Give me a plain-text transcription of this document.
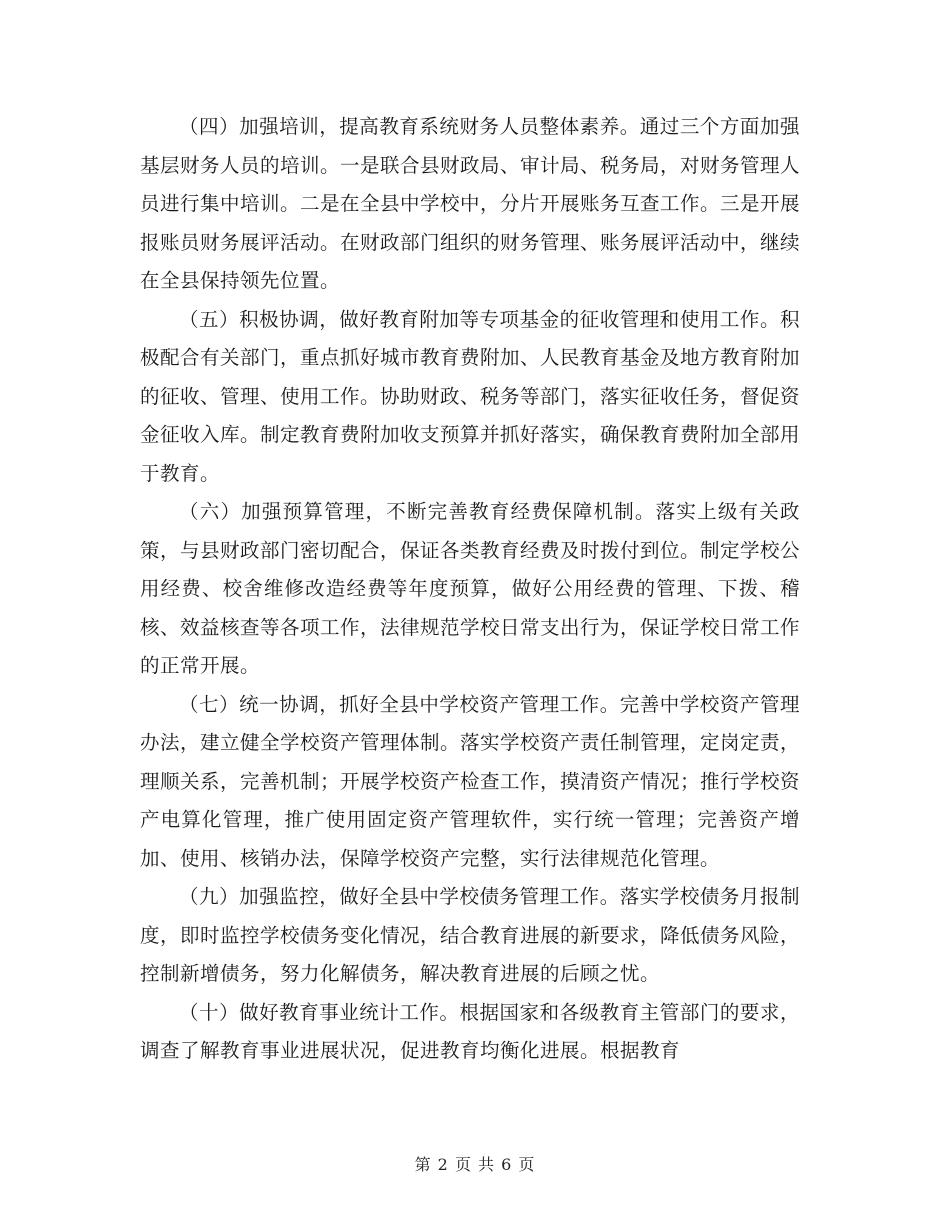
（四）加强培训，提高教育系统财务人员整体素养。通过三个方面加强基层财务人员的培训。一是联合县财政局、审计局、税务局，对财务管理人员进行集中培训。二是在全县中学校中，分片开展账务互查工作。三是开展报账员财务展评活动。在财政部门组织的财务管理、账务展评活动中，继续在全县保持领先位置。

（五）积极协调，做好教育附加等专项基金的征收管理和使用工作。积极配合有关部门，重点抓好城市教育费附加、人民教育基金及地方教育附加的征收、管理、使用工作。协助财政、税务等部门，落实征收任务，督促资金征收入库。制定教育费附加收支预算并抓好落实，确保教育费附加全部用于教育。

（六）加强预算管理，不断完善教育经费保障机制。落实上级有关政策，与县财政部门密切配合，保证各类教育经费及时拨付到位。制定学校公用经费、校舍维修改造经费等年度预算，做好公用经费的管理、下拨、稽核、效益核查等各项工作，法律规范学校日常支出行为，保证学校日常工作的正常开展。

（七）统一协调，抓好全县中学校资产管理工作。完善中学校资产管理办法，建立健全学校资产管理体制。落实学校资产责任制管理，定岗定责，理顺关系，完善机制；开展学校资产检查工作，摸清资产情况；推行学校资产电算化管理，推广使用固定资产管理软件，实行统一管理；完善资产增加、使用、核销办法，保障学校资产完整，实行法律规范化管理。

（九）加强监控，做好全县中学校债务管理工作。落实学校债务月报制度，即时监控学校债务变化情况，结合教育进展的新要求，降低债务风险，控制新增债务，努力化解债务，解决教育进展的后顾之忧。

（十）做好教育事业统计工作。根据国家和各级教育主管部门的要求，调查了解教育事业进展状况，促进教育均衡化进展。根据教育

第 2 页 共 6 页
